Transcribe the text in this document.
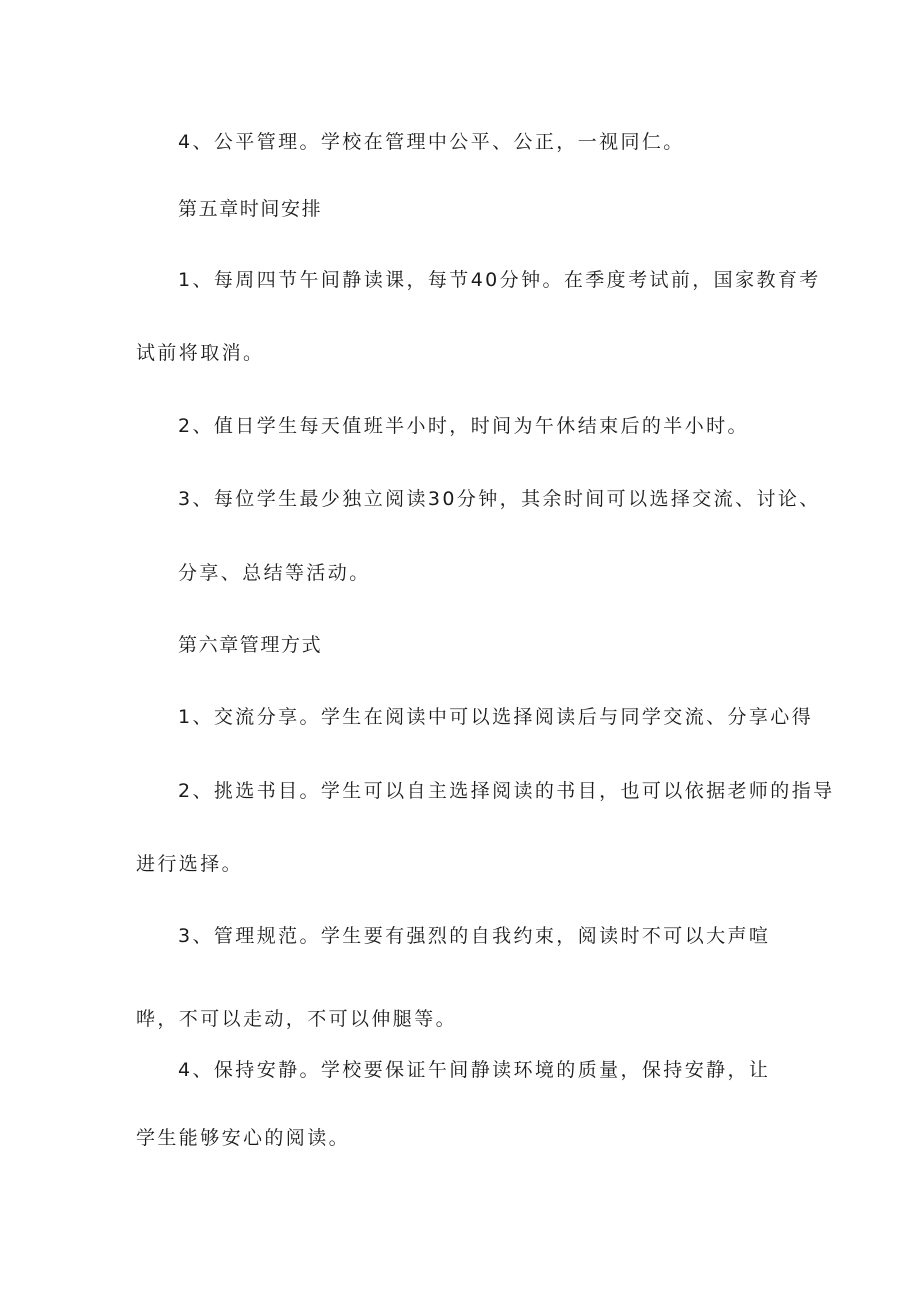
4、公平管理。学校在管理中公平、公正，一视同仁。

第五章时间安排

1、每周四节午间静读课，每节40分钟。在季度考试前，国家教育考

试前将取消。

2、值日学生每天值班半小时，时间为午休结束后的半小时。

3、每位学生最少独立阅读30分钟，其余时间可以选择交流、讨论、

分享、总结等活动。

第六章管理方式

1、交流分享。学生在阅读中可以选择阅读后与同学交流、分享心得

2、挑选书目。学生可以自主选择阅读的书目，也可以依据老师的指导

进行选择。

3、管理规范。学生要有强烈的自我约束，阅读时不可以大声喧

哗，不可以走动，不可以伸腿等。

4、保持安静。学校要保证午间静读环境的质量，保持安静，让

学生能够安心的阅读。
